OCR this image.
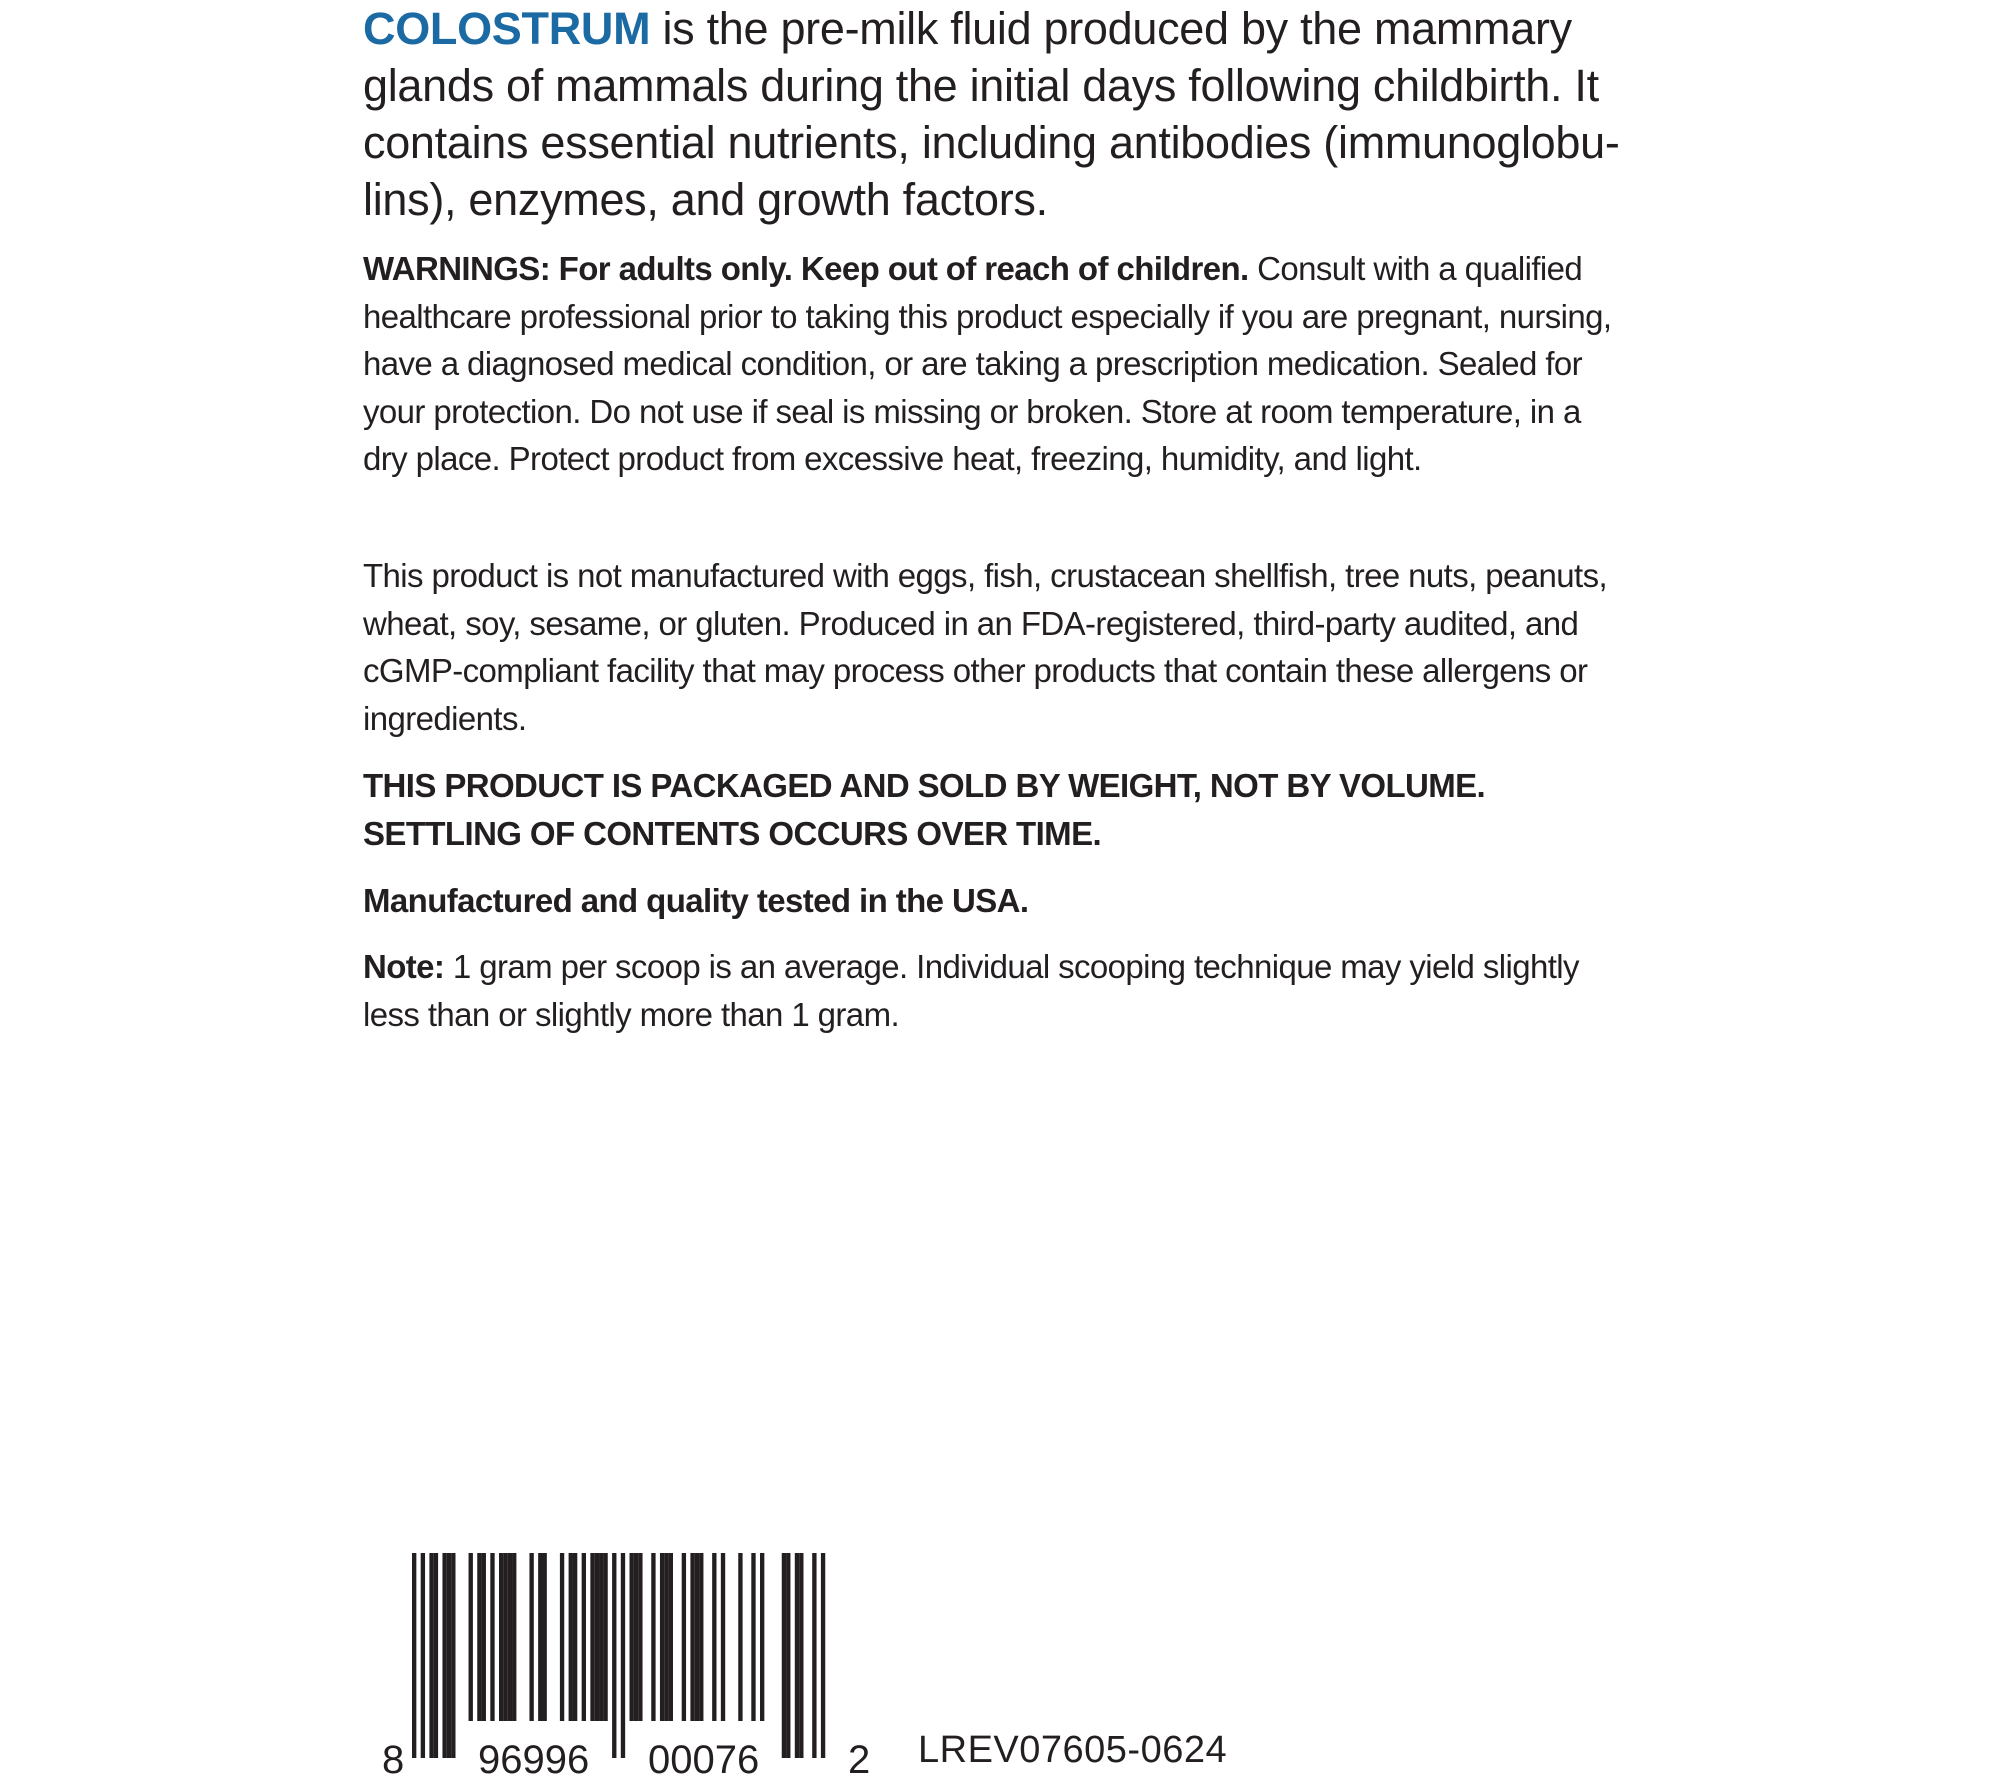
COLOSTRUM is the pre-milk fluid produced by the mammary glands of mammals during the initial days following childbirth. It contains essential nutrients, including antibodies (immunoglobu-lins), enzymes, and growth factors.

WARNINGS: For adults only. Keep out of reach of children. Consult with a qualified healthcare professional prior to taking this product especially if you are pregnant, nursing, have a diagnosed medical condition, or are taking a prescription medication. Sealed for your protection. Do not use if seal is missing or broken. Store at room temperature, in a dry place. Protect product from excessive heat, freezing, humidity, and light.

This product is not manufactured with eggs, fish, crustacean shellfish, tree nuts, peanuts, wheat, soy, sesame, or gluten. Produced in an FDA-registered, third-party audited, and cGMP-compliant facility that may process other products that contain these allergens or ingredients.

THIS PRODUCT IS PACKAGED AND SOLD BY WEIGHT, NOT BY VOLUME.
SETTLING OF CONTENTS OCCURS OVER TIME.

Manufactured and quality tested in the USA.

Note: 1 gram per scoop is an average. Individual scooping technique may yield slightly less than or slightly more than 1 gram.

8 96996 00076 2 LREV07605-0624
